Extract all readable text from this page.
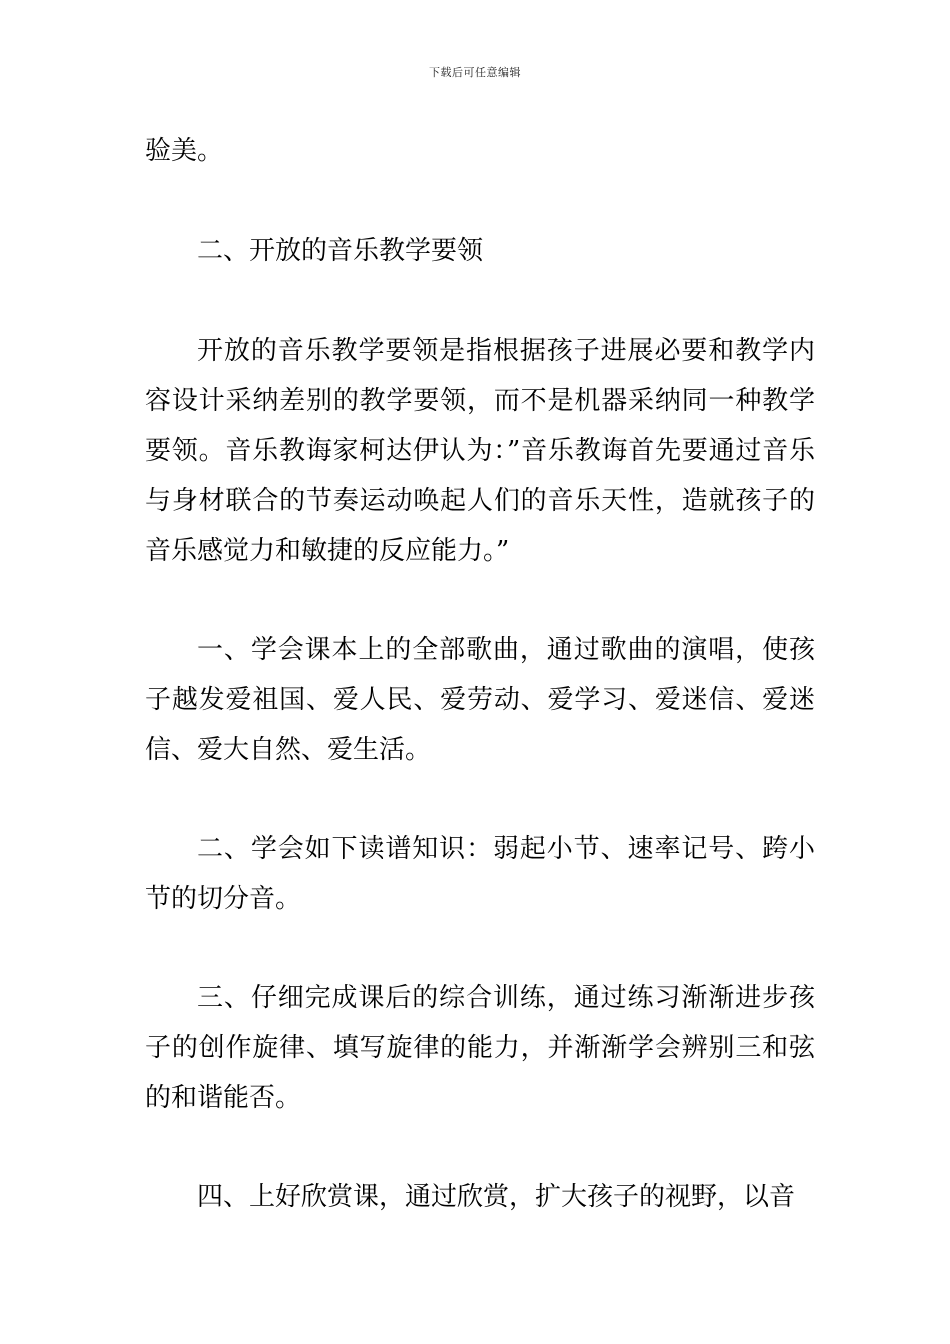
下载后可任意编辑

验美。

二、开放的音乐教学要领

开放的音乐教学要领是指根据孩子进展必要和教学内容设计采纳差别的教学要领，而不是机器采纳同一种教学要领。音乐教诲家柯达伊认为：”音乐教诲首先要通过音乐与身材联合的节奏运动唤起人们的音乐天性，造就孩子的音乐感觉力和敏捷的反应能力。”

一、学会课本上的全部歌曲，通过歌曲的演唱，使孩子越发爱祖国、爱人民、爱劳动、爱学习、爱迷信、爱迷信、爱大自然、爱生活。

二、学会如下读谱知识：弱起小节、速率记号、跨小节的切分音。

三、仔细完成课后的综合训练，通过练习渐渐进步孩子的创作旋律、填写旋律的能力，并渐渐学会辨别三和弦的和谐能否。

四、上好欣赏课，通过欣赏，扩大孩子的视野，以音
